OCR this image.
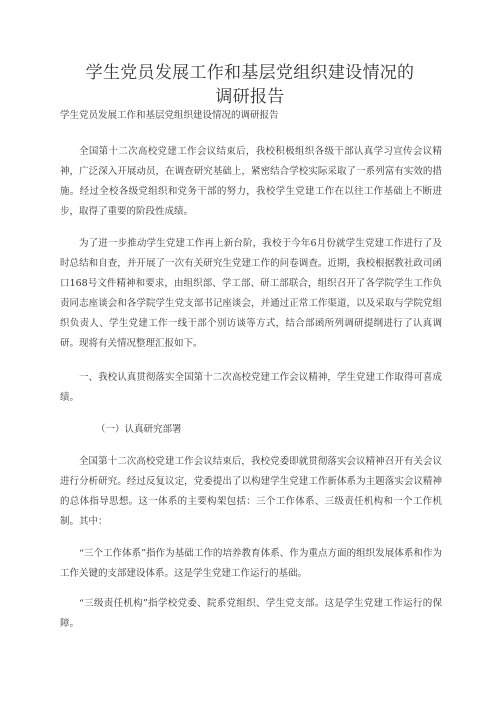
学生党员发展工作和基层党组织建设情况的
调研报告
学生党员发展工作和基层党组织建设情况的调研报告
全国第十二次高校党建工作会议结束后，我校积极组织各级干部认真学习宣传会议精神，广泛深入开展动员，在调查研究基础上，紧密结合学校实际采取了一系列富有实效的措施。经过全校各级党组织和党务干部的努力，我校学生党建工作在以往工作基础上不断进步，取得了重要的阶段性成绩。
为了进一步推动学生党建工作再上新台阶，我校于今年6月份就学生党建工作进行了及时总结和自查，并开展了一次有关研究生党建工作的问卷调查。近期，我校根据教社政司函口168号文件精神和要求，由组织部、学工部、研工部联合，组织召开了各学院学生工作负责同志座谈会和各学院学生党支部书记座谈会，并通过正常工作渠道，以及采取与学院党组织负责人、学生党建工作一线干部个别访谈等方式，结合部函所列调研提纲进行了认真调研。现将有关情况整理汇报如下。
一、我校认真贯彻落实全国第十二次高校党建工作会议精神，学生党建工作取得可喜成绩。
（一）认真研究部署
全国第十二次高校党建工作会议结束后，我校党委即就贯彻落实会议精神召开有关会议进行分析研究。经过反复议定，党委提出了以构建学生党建工作新体系为主题落实会议精神的总体指导思想。这一体系的主要构架包括：三个工作体系、三级责任机构和一个工作机制。其中：
“三个工作体系”指作为基础工作的培养教育体系、作为重点方面的组织发展体系和作为工作关键的支部建设体系。这是学生党建工作运行的基础。
“三级责任机构”指学校党委、院系党组织、学生党支部。这是学生党建工作运行的保障。
